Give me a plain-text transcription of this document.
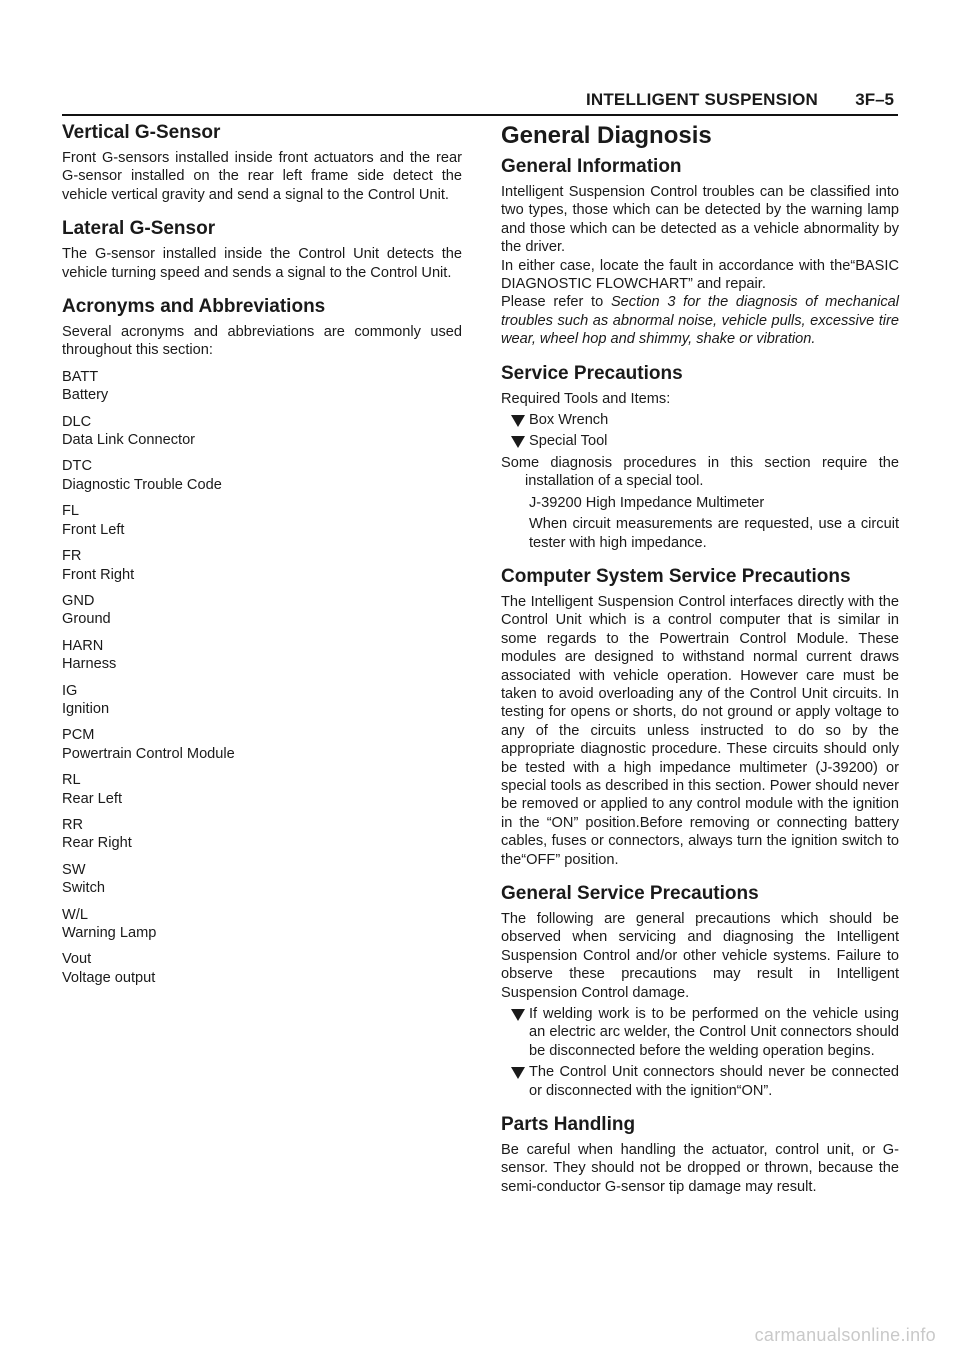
INTELLIGENT SUSPENSION 3F–5
Vertical G-Sensor

Front G-sensors installed inside front actuators and the rear G-sensor installed on the rear left frame side detect the vehicle vertical gravity and send a signal to the Control Unit.

Lateral G-Sensor

The G-sensor installed inside the Control Unit detects the vehicle turning speed and sends a signal to the Control Unit.

Acronyms and Abbreviations

Several acronyms and abbreviations are commonly used throughout this section:

BATT
Battery
DLC
Data Link Connector
DTC
Diagnostic Trouble Code
FL
Front Left
FR
Front Right
GND
Ground
HARN
Harness
IG
Ignition
PCM
Powertrain Control Module
RL
Rear Left
RR
Rear Right
SW
Switch
W/L
Warning Lamp
Vout
Voltage output
General Diagnosis
General Information

Intelligent Suspension Control troubles can be classified into two types, those which can be detected by the warning lamp and those which can be detected as a vehicle abnormality by the driver.

In either case, locate the fault in accordance with the“BASIC DIAGNOSTIC FLOWCHART” and repair.

Please refer to Section 3 for the diagnosis of mechanical troubles such as abnormal noise, vehicle pulls, excessive tire wear, wheel hop and shimmy, shake or vibration.

Service Precautions

Required Tools and Items:

Box Wrench
Special Tool

Some diagnosis procedures in this section require the installation of a special tool.

J-39200 High Impedance Multimeter

When circuit measurements are requested, use a circuit tester with high impedance.

Computer System Service Precautions

The Intelligent Suspension Control interfaces directly with the Control Unit which is a control computer that is similar in some regards to the Powertrain Control Module. These modules are designed to withstand normal current draws associated with vehicle operation. However care must be taken to avoid overloading any of the Control Unit circuits. In testing for opens or shorts, do not ground or apply voltage to any of the circuits unless instructed to do so by the appropriate diagnostic procedure. These circuits should only be tested with a high impedance multimeter (J-39200) or special tools as described in this section. Power should never be removed or applied to any control module with the ignition in the “ON” position.Before removing or connecting battery cables, fuses or connectors, always turn the ignition switch to the“OFF” position.

General Service Precautions

The following are general precautions which should be observed when servicing and diagnosing the Intelligent Suspension Control and/or other vehicle systems. Failure to observe these precautions may result in Intelligent Suspension Control damage.

If welding work is to be performed on the vehicle using an electric arc welder, the Control Unit connectors should be disconnected before the welding operation begins.
The Control Unit connectors should never be connected or disconnected with the ignition“ON”.
Parts Handling

Be careful when handling the actuator, control unit, or G-sensor. They should not be dropped or thrown, because the semi-conductor G-sensor tip damage may result.

carmanualsonline.info
